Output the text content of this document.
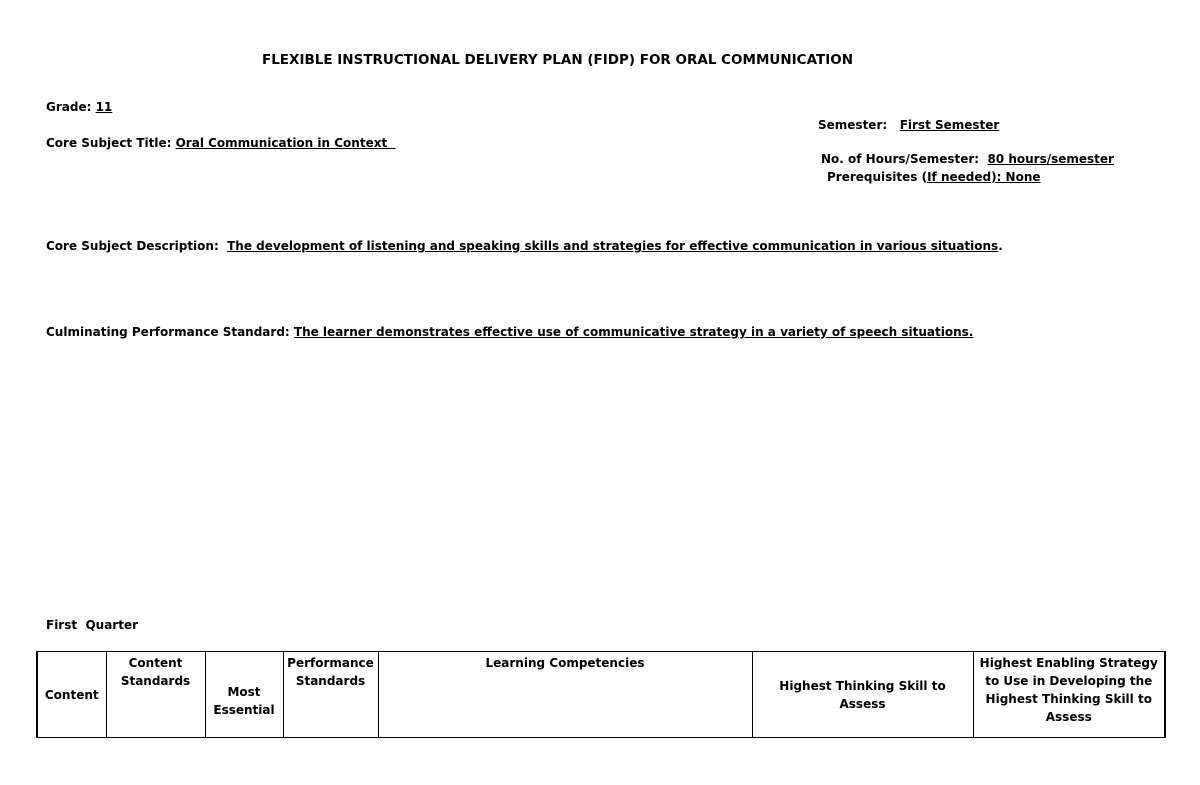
FLEXIBLE INSTRUCTIONAL DELIVERY PLAN (FIDP) FOR ORAL COMMUNICATION
Grade: 11
Core Subject Title: Oral Communication in Context
Semester:   First Semester
No. of Hours/Semester:  80 hours/semester
Prerequisites (If needed): None
Core Subject Description:  The development of listening and speaking skills and strategies for effective communication in various situations.
Culminating Performance Standard: The learner demonstrates effective use of communicative strategy in a variety of speech situations.
First  Quarter
Content	Content Standards	Most Essential	Performance Standards	Learning Competencies	Highest Thinking Skill to Assess	Highest Enabling Strategy to Use in Developing the Highest Thinking Skill to Assess
